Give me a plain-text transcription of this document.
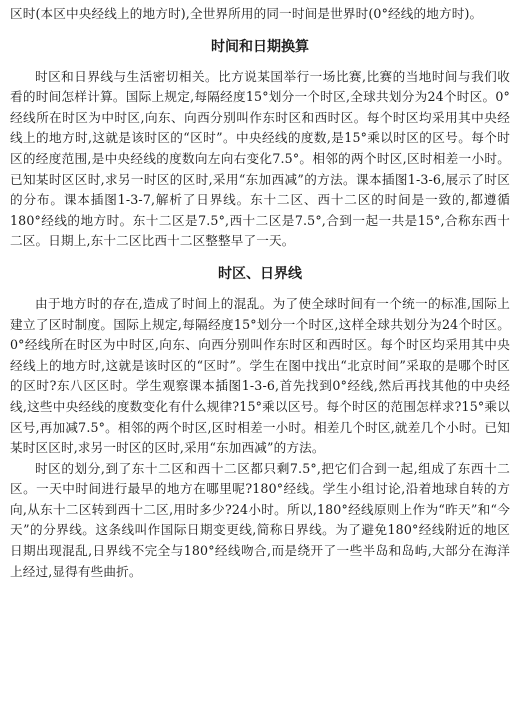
区时(本区中央经线上的地方时),全世界所用的同一时间是世界时(0°经线的地方时)。

时间和日期换算

时区和日界线与生活密切相关。比方说某国举行一场比赛,比赛的当地时间与我们收看的时间怎样计算。国际上规定,每隔经度15°划分一个时区,全球共划分为24个时区。0°经线所在时区为中时区,向东、向西分别叫作东时区和西时区。每个时区均采用其中央经线上的地方时,这就是该时区的“区时”。中央经线的度数,是15°乘以时区的区号。每个时区的经度范围,是中央经线的度数向左向右变化7.5°。相邻的两个时区,区时相差一小时。已知某时区区时,求另一时区的区时,采用“东加西减”的方法。课本插图1-3-6,展示了时区的分布。课本插图1-3-7,解析了日界线。东十二区、西十二区的时间是一致的,都遵循180°经线的地方时。东十二区是7.5°,西十二区是7.5°,合到一起一共是15°,合称东西十二区。日期上,东十二区比西十二区整整早了一天。

时区、日界线

由于地方时的存在,造成了时间上的混乱。为了使全球时间有一个统一的标准,国际上建立了区时制度。国际上规定,每隔经度15°划分一个时区,这样全球共划分为24个时区。0°经线所在时区为中时区,向东、向西分别叫作东时区和西时区。每个时区均采用其中央经线上的地方时,这就是该时区的“区时”。学生在图中找出“北京时间”采取的是哪个时区的区时?东八区区时。学生观察课本插图1-3-6,首先找到0°经线,然后再找其他的中央经线,这些中央经线的度数变化有什么规律?15°乘以区号。每个时区的范围怎样求?15°乘以区号,再加减7.5°。相邻的两个时区,区时相差一小时。相差几个时区,就差几个小时。已知某时区区时,求另一时区的区时,采用“东加西减”的方法。

时区的划分,到了东十二区和西十二区都只剩7.5°,把它们合到一起,组成了东西十二区。一天中时间进行最早的地方在哪里呢?180°经线。学生小组讨论,沿着地球自转的方向,从东十二区转到西十二区,用时多少?24小时。所以,180°经线原则上作为“昨天”和“今天”的分界线。这条线叫作国际日期变更线,简称日界线。为了避免180°经线附近的地区日期出现混乱,日界线不完全与180°经线吻合,而是绕开了一些半岛和岛屿,大部分在海洋上经过,显得有些曲折。
